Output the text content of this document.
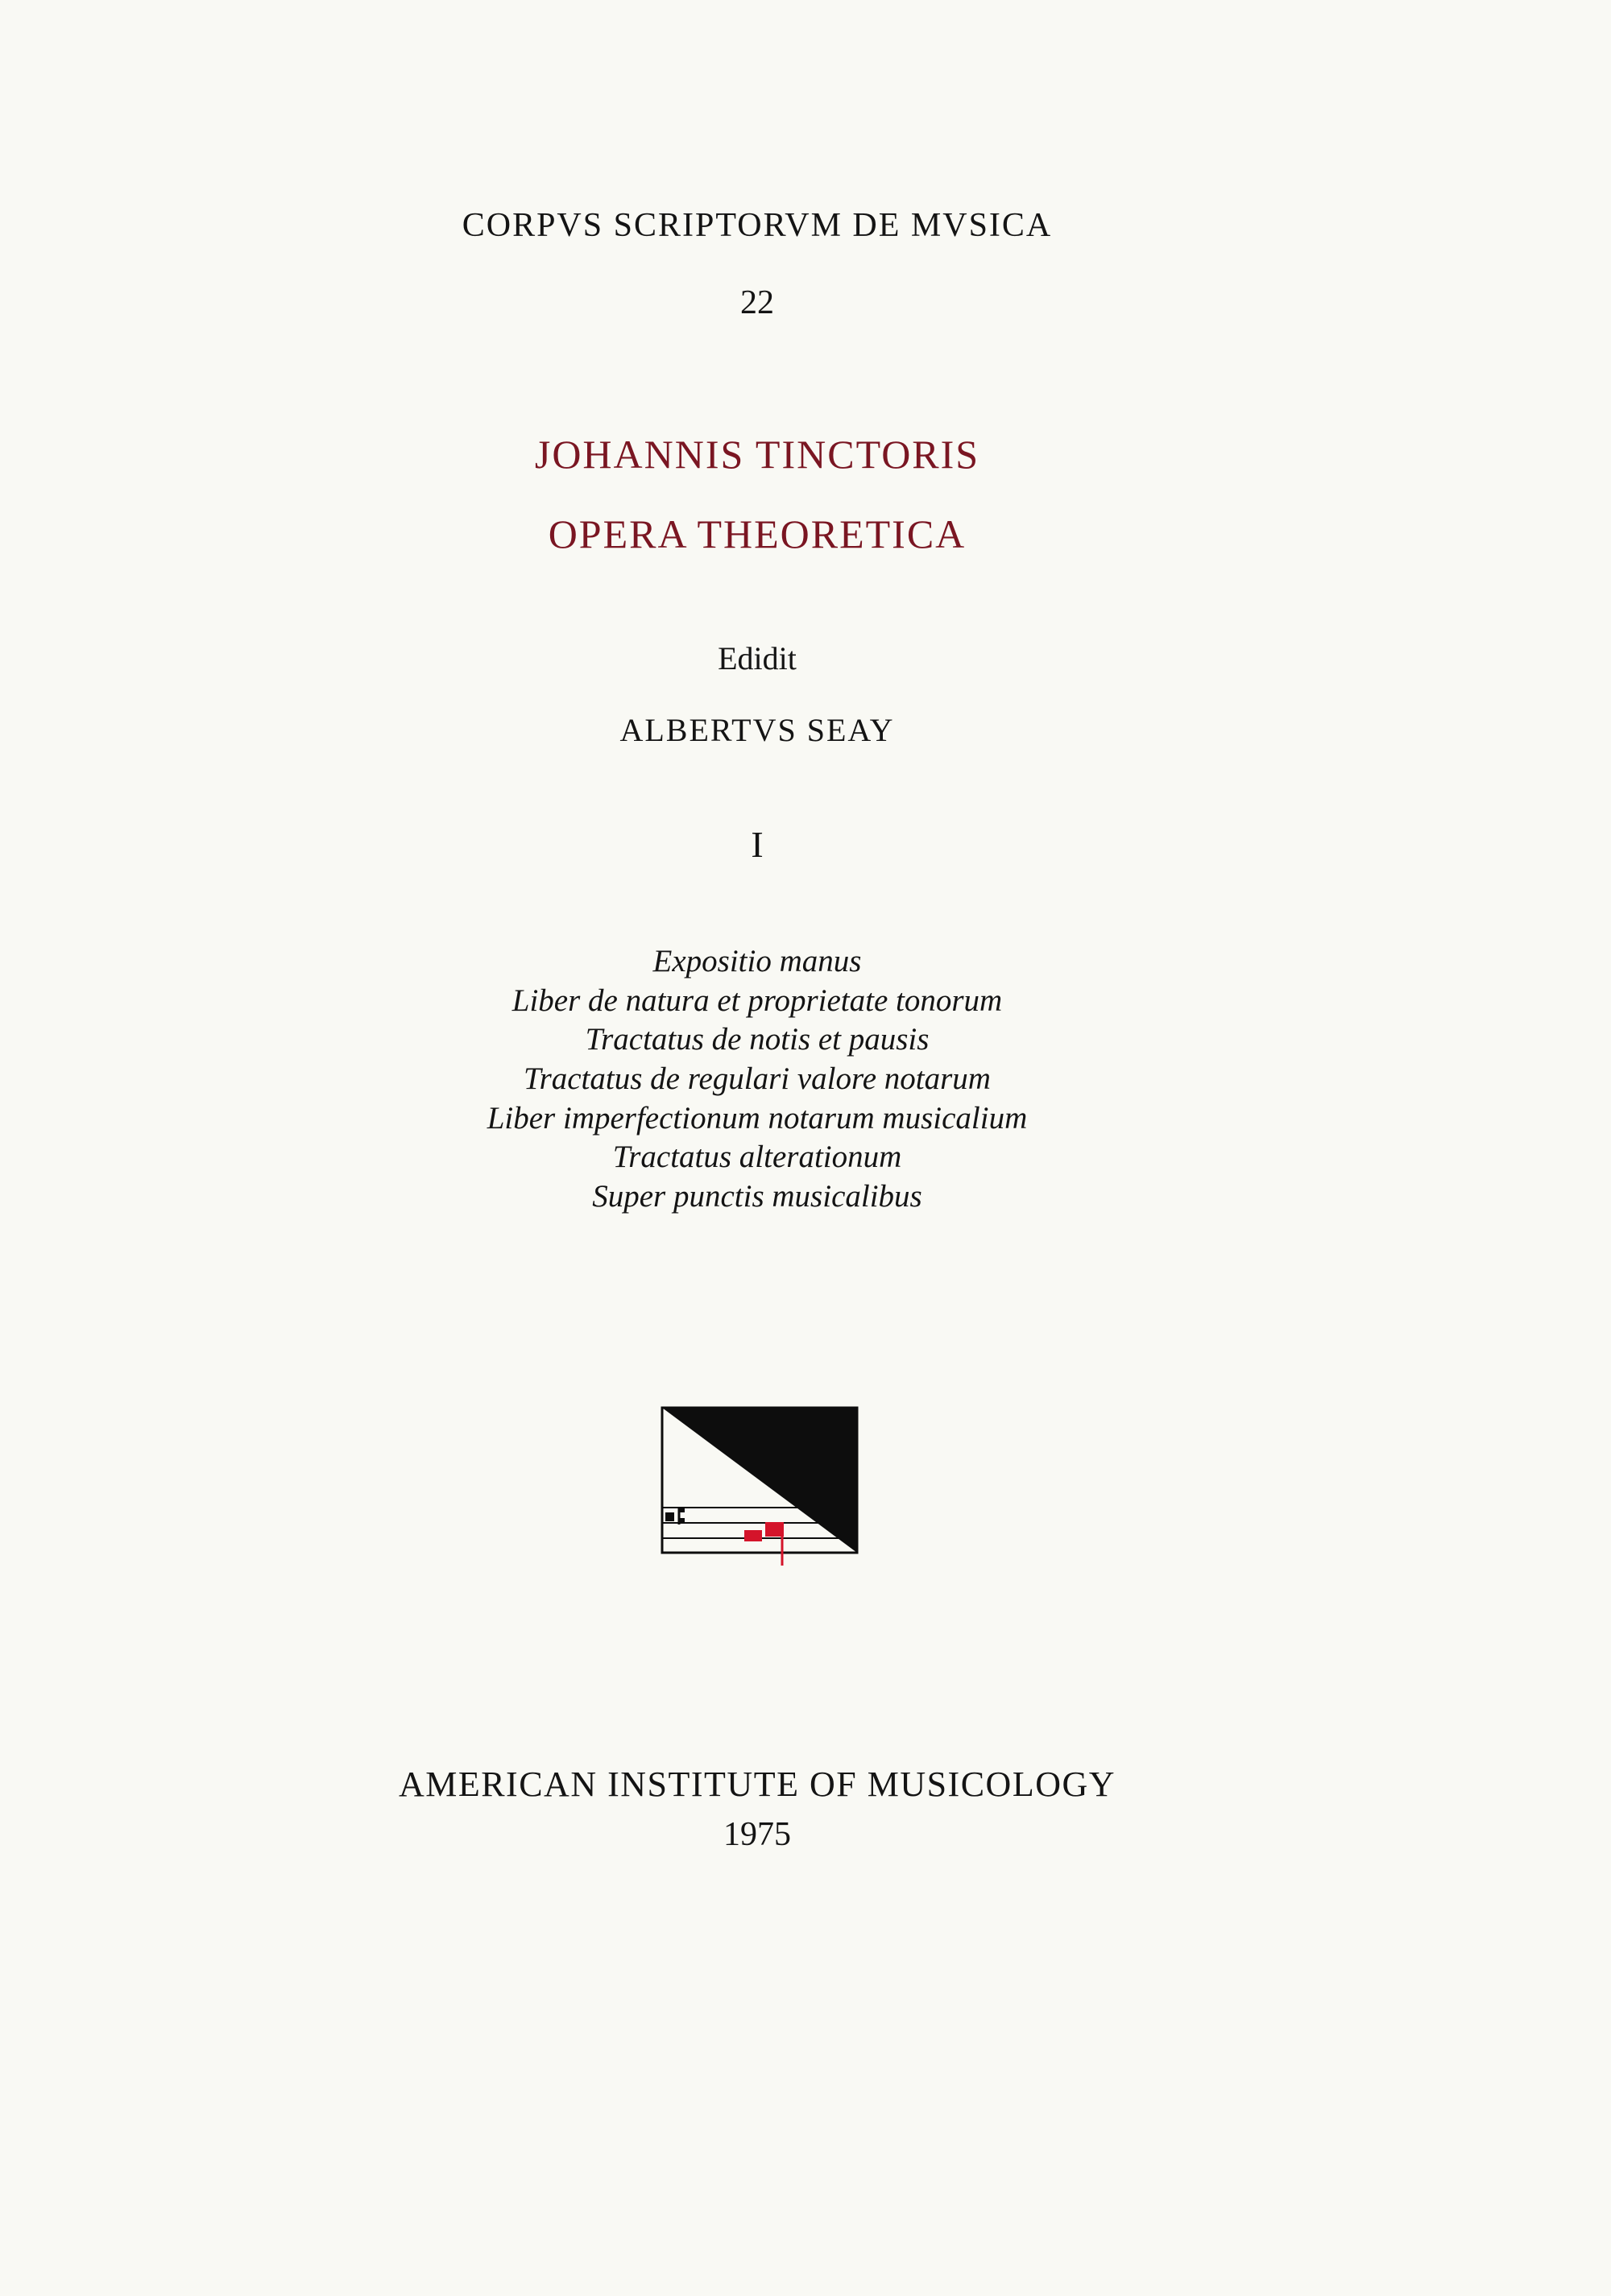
CORPVS SCRIPTORVM DE MVSICA
22
JOHANNIS TINCTORIS
OPERA THEORETICA
Edidit
ALBERTVS SEAY
I
Expositio manus
Liber de natura et proprietate tonorum
Tractatus de notis et pausis
Tractatus de regulari valore notarum
Liber imperfectionum notarum musicalium
Tractatus alterationum
Super punctis musicalibus
AMERICAN INSTITUTE OF MUSICOLOGY
1975
